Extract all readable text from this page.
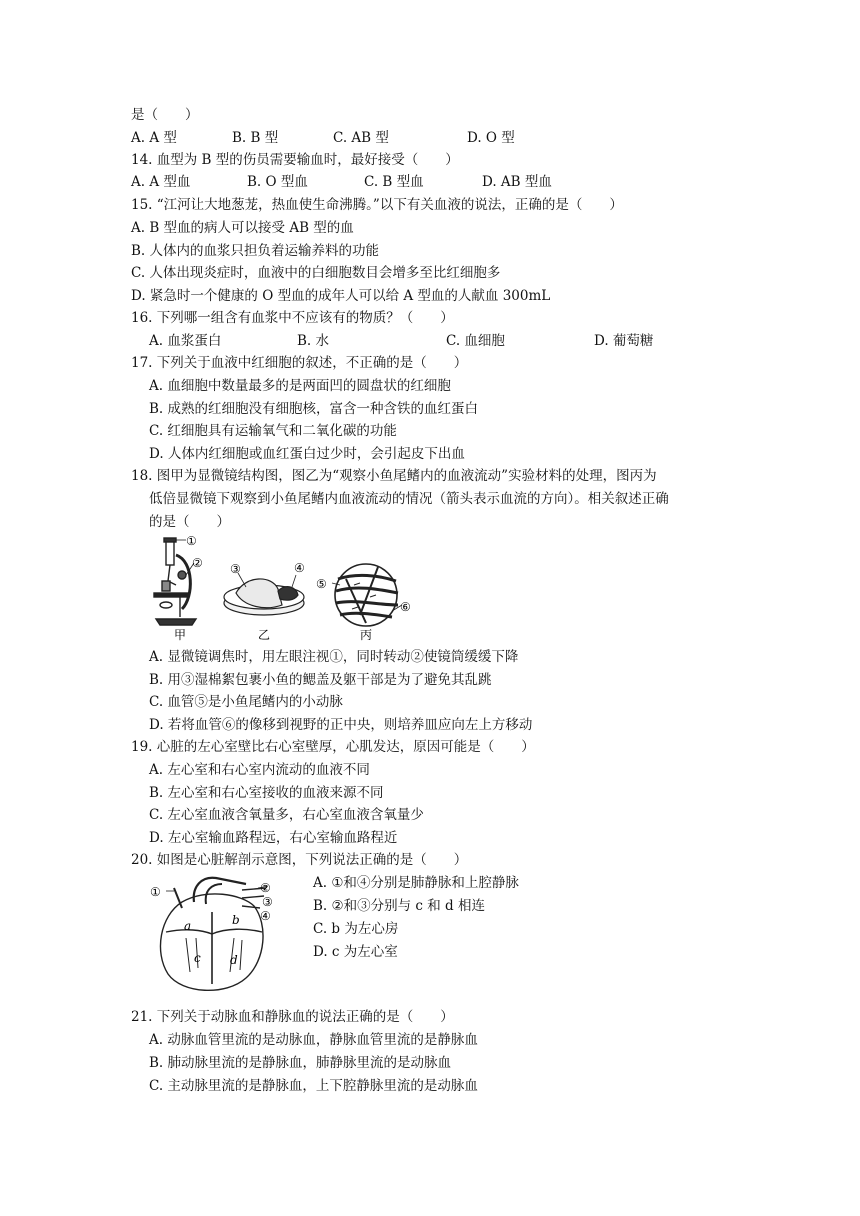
是（　　）
A. A 型	B. B 型	C. AB 型	D. O 型
14. 血型为 B 型的伤员需要输血时，最好接受（　　）
A. A 型血	B. O 型血	C. B 型血	D. AB 型血
15. “江河让大地葱茏，热血使生命沸腾。”以下有关血液的说法，正确的是（　　）
A. B 型血的病人可以接受 AB 型的血
B. 人体内的血浆只担负着运输养料的功能
C. 人体出现炎症时，血液中的白细胞数目会增多至比红细胞多
D. 紧急时一个健康的 O 型血的成年人可以给 A 型血的人献血 300mL
16. 下列哪一组含有血浆中不应该有的物质？（　　）
A. 血浆蛋白	B. 水	C. 血细胞	D. 葡萄糖
17. 下列关于血液中红细胞的叙述，不正确的是（　　）
A. 血细胞中数量最多的是两面凹的圆盘状的红细胞
B. 成熟的红细胞没有细胞核，富含一种含铁的血红蛋白
C. 红细胞具有运输氧气和二氧化碳的功能
D. 人体内红细胞或血红蛋白过少时，会引起皮下出血
18. 图甲为显微镜结构图，图乙为“观察小鱼尾鳍内的血液流动”实验材料的处理，图丙为
低倍显微镜下观察到小鱼尾鳍内血液流动的情况（箭头表示血流的方向）。相关叙述正确
的是（　　）
①
②
甲
③	④
乙
⑤
⑥
丙
A. 显微镜调焦时，用左眼注视①，同时转动②使镜筒缓缓下降
B. 用③湿棉絮包裹小鱼的鳃盖及躯干部是为了避免其乱跳
C. 血管⑤是小鱼尾鳍内的小动脉
D. 若将血管⑥的像移到视野的正中央，则培养皿应向左上方移动
19. 心脏的左心室壁比右心室壁厚，心肌发达，原因可能是（　　）
A. 左心室和右心室内流动的血液不同
B. 左心室和右心室接收的血液来源不同
C. 左心室血液含氧量多，右心室血液含氧量少
D. 左心室输血路程远，右心室输血路程近
20. 如图是心脏解剖示意图，下列说法正确的是（　　）
①	②
③
④
a	b
c d
A. ①和④分别是肺静脉和上腔静脉
B. ②和③分别与 c 和 d 相连
C. b 为左心房
D. c 为左心室
21. 下列关于动脉血和静脉血的说法正确的是（　　）
A. 动脉血管里流的是动脉血，静脉血管里流的是静脉血
B. 肺动脉里流的是静脉血，肺静脉里流的是动脉血
C. 主动脉里流的是静脉血，上下腔静脉里流的是动脉血
